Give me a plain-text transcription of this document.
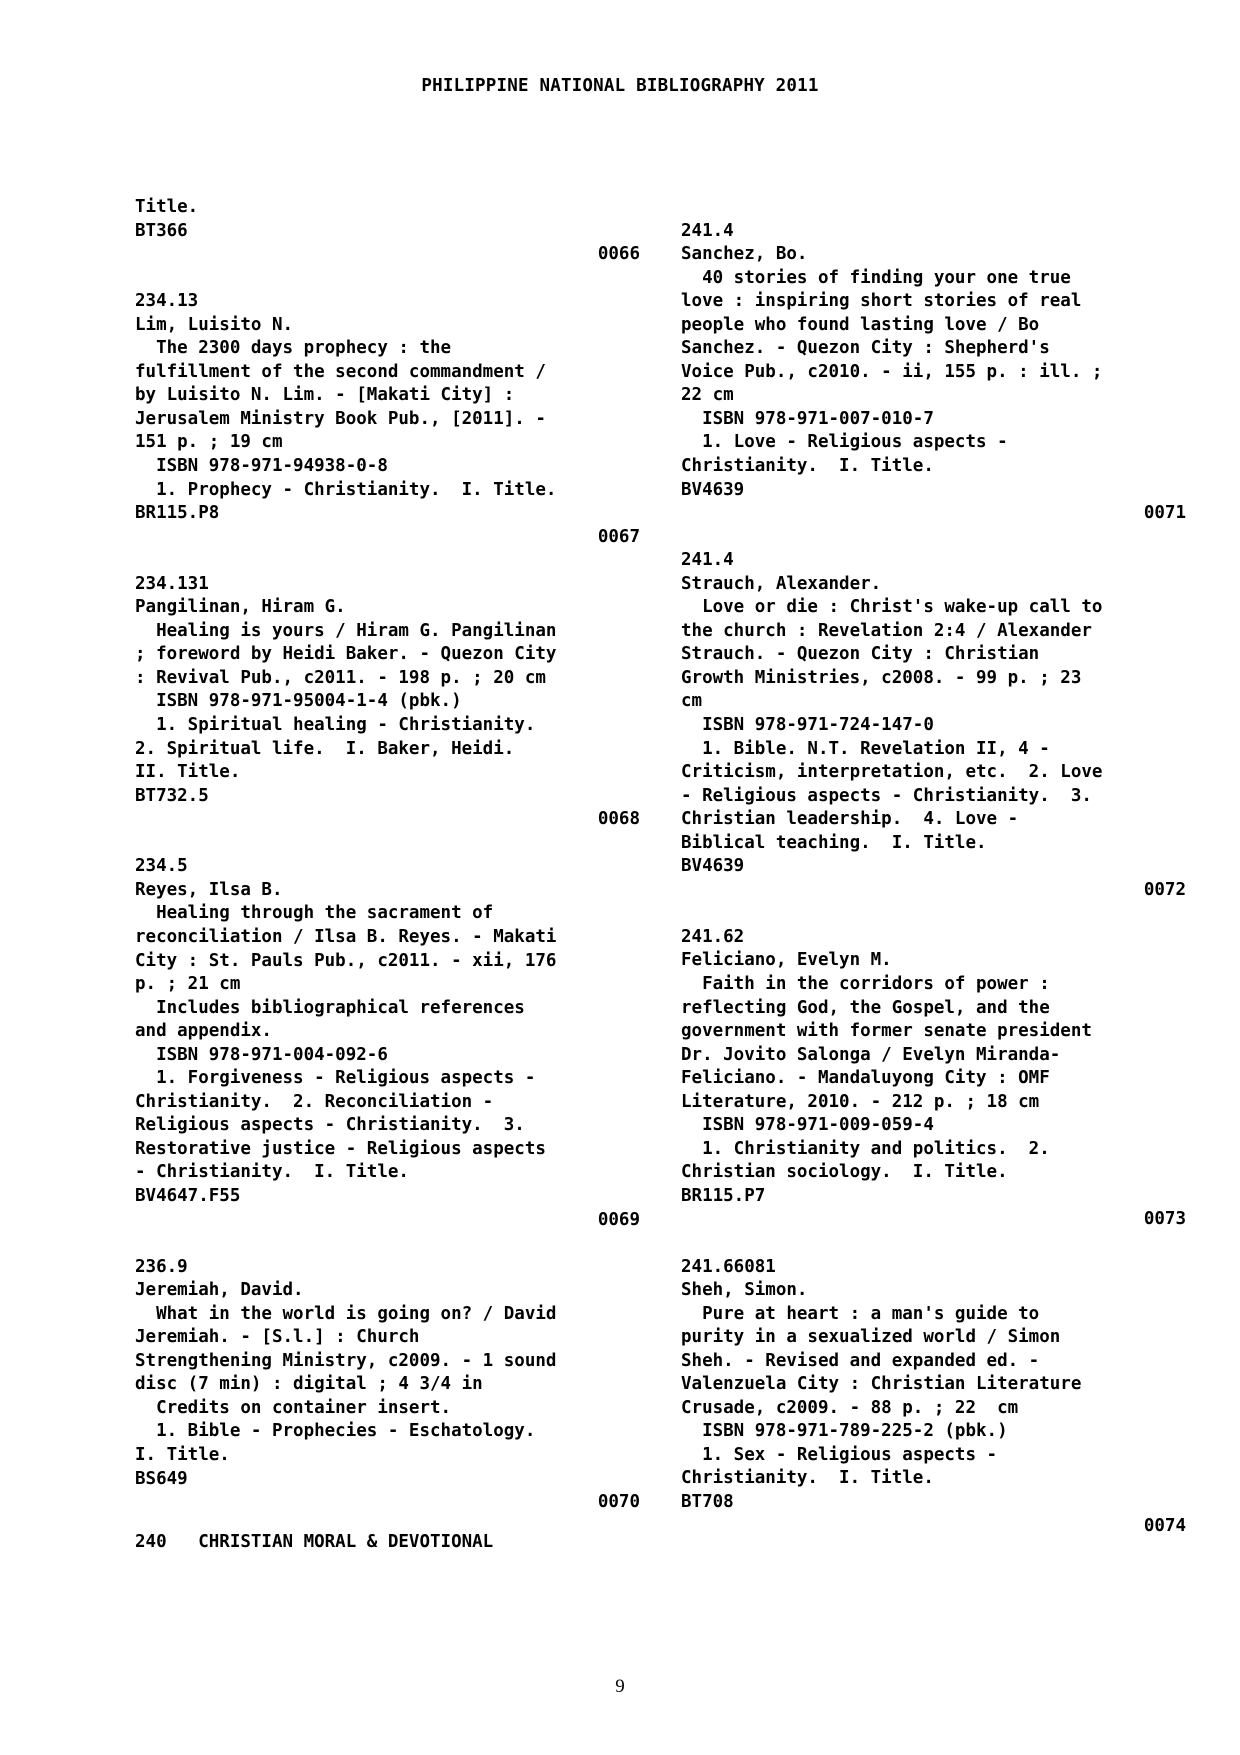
PHILIPPINE NATIONAL BIBLIOGRAPHY 2011
Title.
BT366
0066
234.13
Lim, Luisito N.
The 2300 days prophecy : the
fulfillment of the second commandment /
by Luisito N. Lim. - [Makati City] :
Jerusalem Ministry Book Pub., [2011]. -
151 p. ; 19 cm
ISBN 978-971-94938-0-8
1. Prophecy - Christianity.  I. Title.
BR115.P8
0067
234.131
Pangilinan, Hiram G.
Healing is yours / Hiram G. Pangilinan
; foreword by Heidi Baker. - Quezon City
: Revival Pub., c2011. - 198 p. ; 20 cm
ISBN 978-971-95004-1-4 (pbk.)
1. Spiritual healing - Christianity.
2. Spiritual life.  I. Baker, Heidi.
II. Title.
BT732.5
0068
234.5
Reyes, Ilsa B.
Healing through the sacrament of
reconciliation / Ilsa B. Reyes. - Makati
City : St. Pauls Pub., c2011. - xii, 176
p. ; 21 cm
Includes bibliographical references
and appendix.
ISBN 978-971-004-092-6
1. Forgiveness - Religious aspects -
Christianity.  2. Reconciliation -
Religious aspects - Christianity.  3.
Restorative justice - Religious aspects
- Christianity.  I. Title.
BV4647.F55
0069
236.9
Jeremiah, David.
What in the world is going on? / David
Jeremiah. - [S.l.] : Church
Strengthening Ministry, c2009. - 1 sound
disc (7 min) : digital ; 4 3/4 in
Credits on container insert.
1. Bible - Prophecies - Eschatology.
I. Title.
BS649
0070
241.4
Sanchez, Bo.
40 stories of finding your one true
love : inspiring short stories of real
people who found lasting love / Bo
Sanchez. - Quezon City : Shepherd's
Voice Pub., c2010. - ii, 155 p. : ill. ;
22 cm
ISBN 978-971-007-010-7
1. Love - Religious aspects -
Christianity.  I. Title.
BV4639
0071
241.4
Strauch, Alexander.
Love or die : Christ's wake-up call to
the church : Revelation 2:4 / Alexander
Strauch. - Quezon City : Christian
Growth Ministries, c2008. - 99 p. ; 23
cm
ISBN 978-971-724-147-0
1. Bible. N.T. Revelation II, 4 -
Criticism, interpretation, etc.  2. Love
- Religious aspects - Christianity.  3.
Christian leadership.  4. Love -
Biblical teaching.  I. Title.
BV4639
0072
241.62
Feliciano, Evelyn M.
Faith in the corridors of power :
reflecting God, the Gospel, and the
government with former senate president
Dr. Jovito Salonga / Evelyn Miranda-
Feliciano. - Mandaluyong City : OMF
Literature, 2010. - 212 p. ; 18 cm
ISBN 978-971-009-059-4
1. Christianity and politics.  2.
Christian sociology.  I. Title.
BR115.P7
0073
241.66081
Sheh, Simon.
Pure at heart : a man's guide to
purity in a sexualized world / Simon
Sheh. - Revised and expanded ed. -
Valenzuela City : Christian Literature
Crusade, c2009. - 88 p. ; 22  cm
ISBN 978-971-789-225-2 (pbk.)
1. Sex - Religious aspects -
Christianity.  I. Title.
BT708
0074
240   CHRISTIAN MORAL & DEVOTIONAL
9
